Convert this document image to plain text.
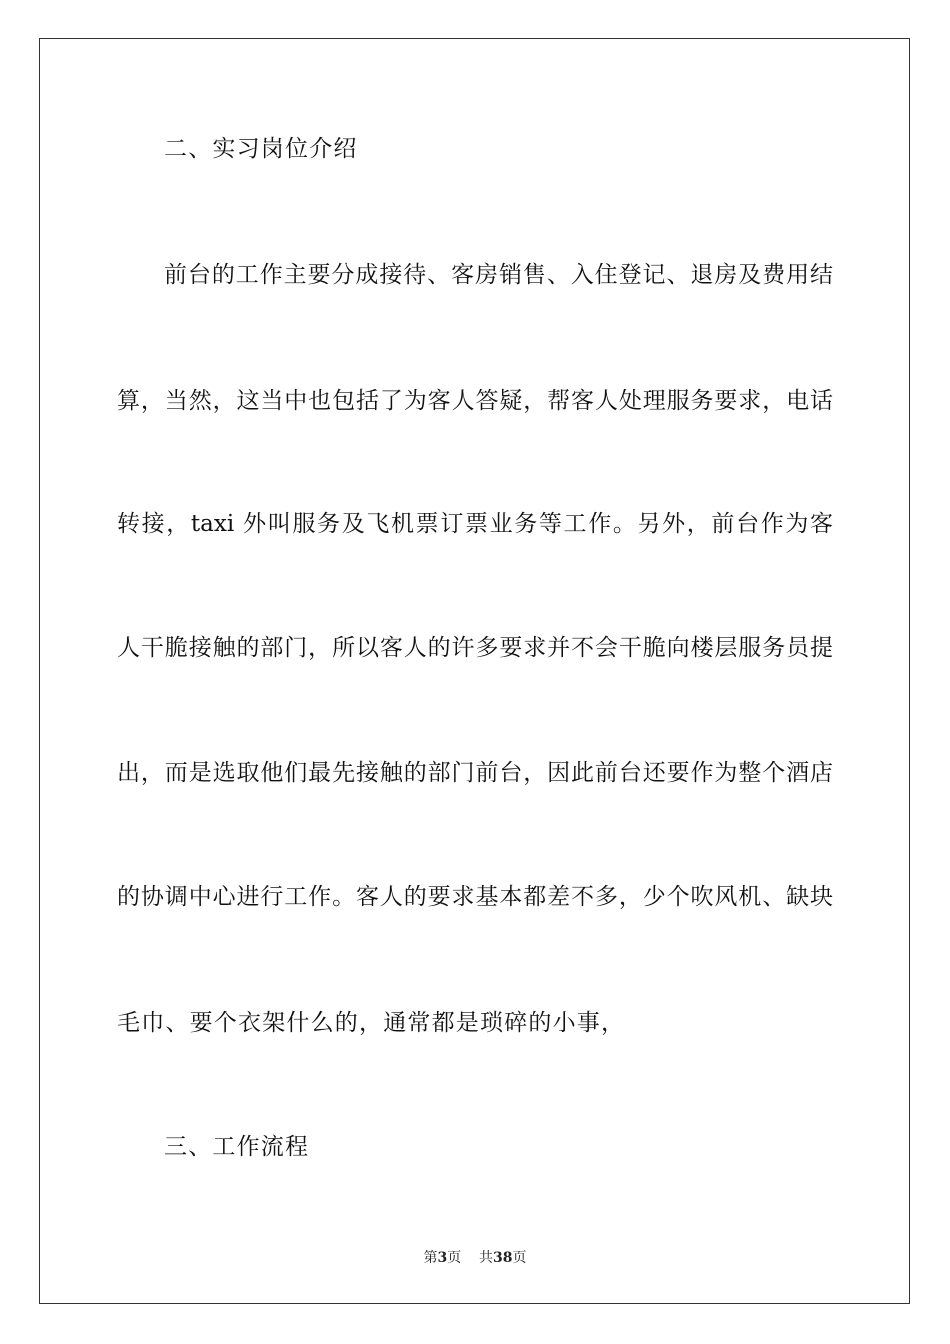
二、实习岗位介绍
前台的工作主要分成接待、客房销售、入住登记、退房及费用结
算，当然，这当中也包括了为客人答疑，帮客人处理服务要求，电话
转接，taxi 外叫服务及飞机票订票业务等工作。另外，前台作为客
人干脆接触的部门，所以客人的许多要求并不会干脆向楼层服务员提
出，而是选取他们最先接触的部门前台，因此前台还要作为整个酒店
的协调中心进行工作。客人的要求基本都差不多，少个吹风机、缺块
毛巾、要个衣架什么的，通常都是琐碎的小事，
三、工作流程
第3页 共38页
